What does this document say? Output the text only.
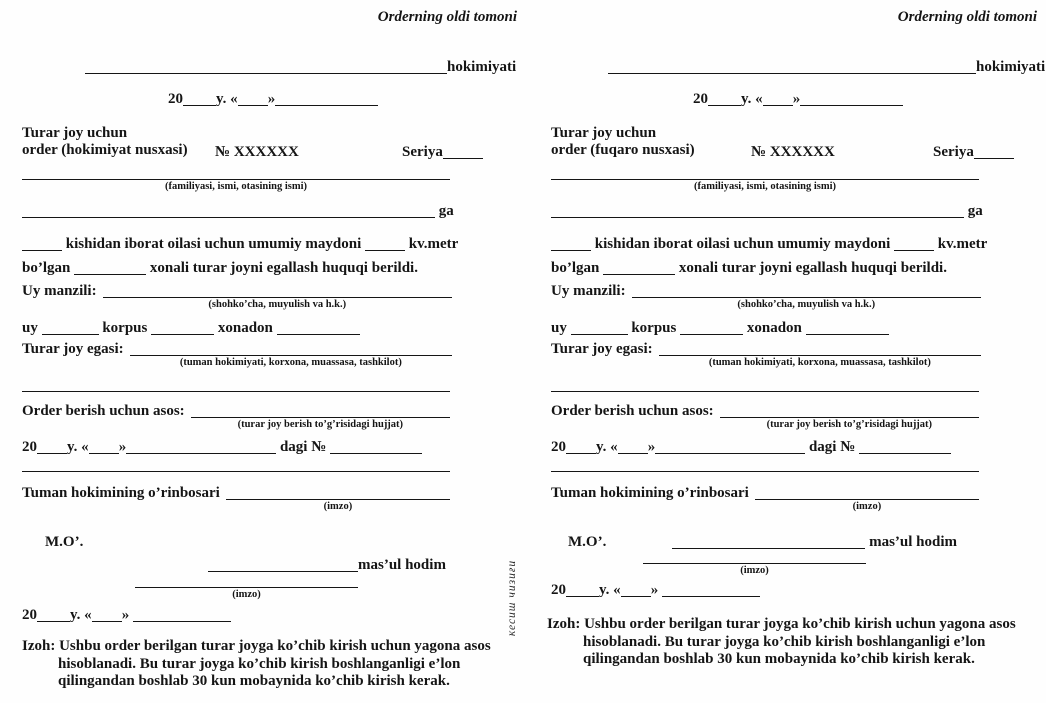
Orderning oldi tomoni
hokimiyati
20 y. « »
Turar joy uchun
order (hokimiyat nusxasi) № XXXXXX	Seriya
(familiyasi, ismi, otasining ismi)
ga
kishidan iborat oilasi uchun umumiy maydoni	kv.metr
bo’lgan	xonali turar joyni egallash huquqi berildi.
Uy manzili:
(shohko’cha, muyulish va h.k.)
uy	korpus	xonadon
Turar joy egasi:
(tuman hokimiyati, korxona, muassasa, tashkilot)
Order berish uchun asos:
(turar joy berish to’g’risidagi hujjat)
20 y. « »	dagi №
Tuman hokimining o’rinbosari
(imzo)
M.O’.
mas’ul hodim
(imzo)
20 y. « »
Izoh: Ushbu order berilgan turar joyga ko’chib kirish uchun yagona asos hisoblanadi. Bu turar joyga ko’chib kirish boshlanganligi e’lon qilingandan boshlab 30 kun mobaynida ko’chib kirish kerak.
Orderning oldi tomoni
hokimiyati
20 y. « »
Turar joy uchun
order (fuqaro nusxasi)	№ XXXXXX	Seriya
(familiyasi, ismi, otasining ismi)
ga
kishidan iborat oilasi uchun umumiy maydoni	kv.metr
bo’lgan	xonali turar joyni egallash huquqi berildi.
Uy manzili:
(shohko’cha, muyulish va h.k.)
uy	korpus	xonadon
Turar joy egasi:
(tuman hokimiyati, korxona, muassasa, tashkilot)
Order berish uchun asos:
(turar joy berish to’g’risidagi hujjat)
20 y. « »	dagi №
Tuman hokimining o’rinbosari
(imzo)
M.O’.	mas’ul hodim
(imzo)
20 y. « »
Izoh: Ushbu order berilgan turar joyga ko’chib kirish uchun yagona asos hisoblanadi. Bu turar joyga ko’chib kirish boshlanganligi e’lon qilingandan boshlab 30 kun mobaynida ko’chib kirish kerak.
кесиш чизиғи
